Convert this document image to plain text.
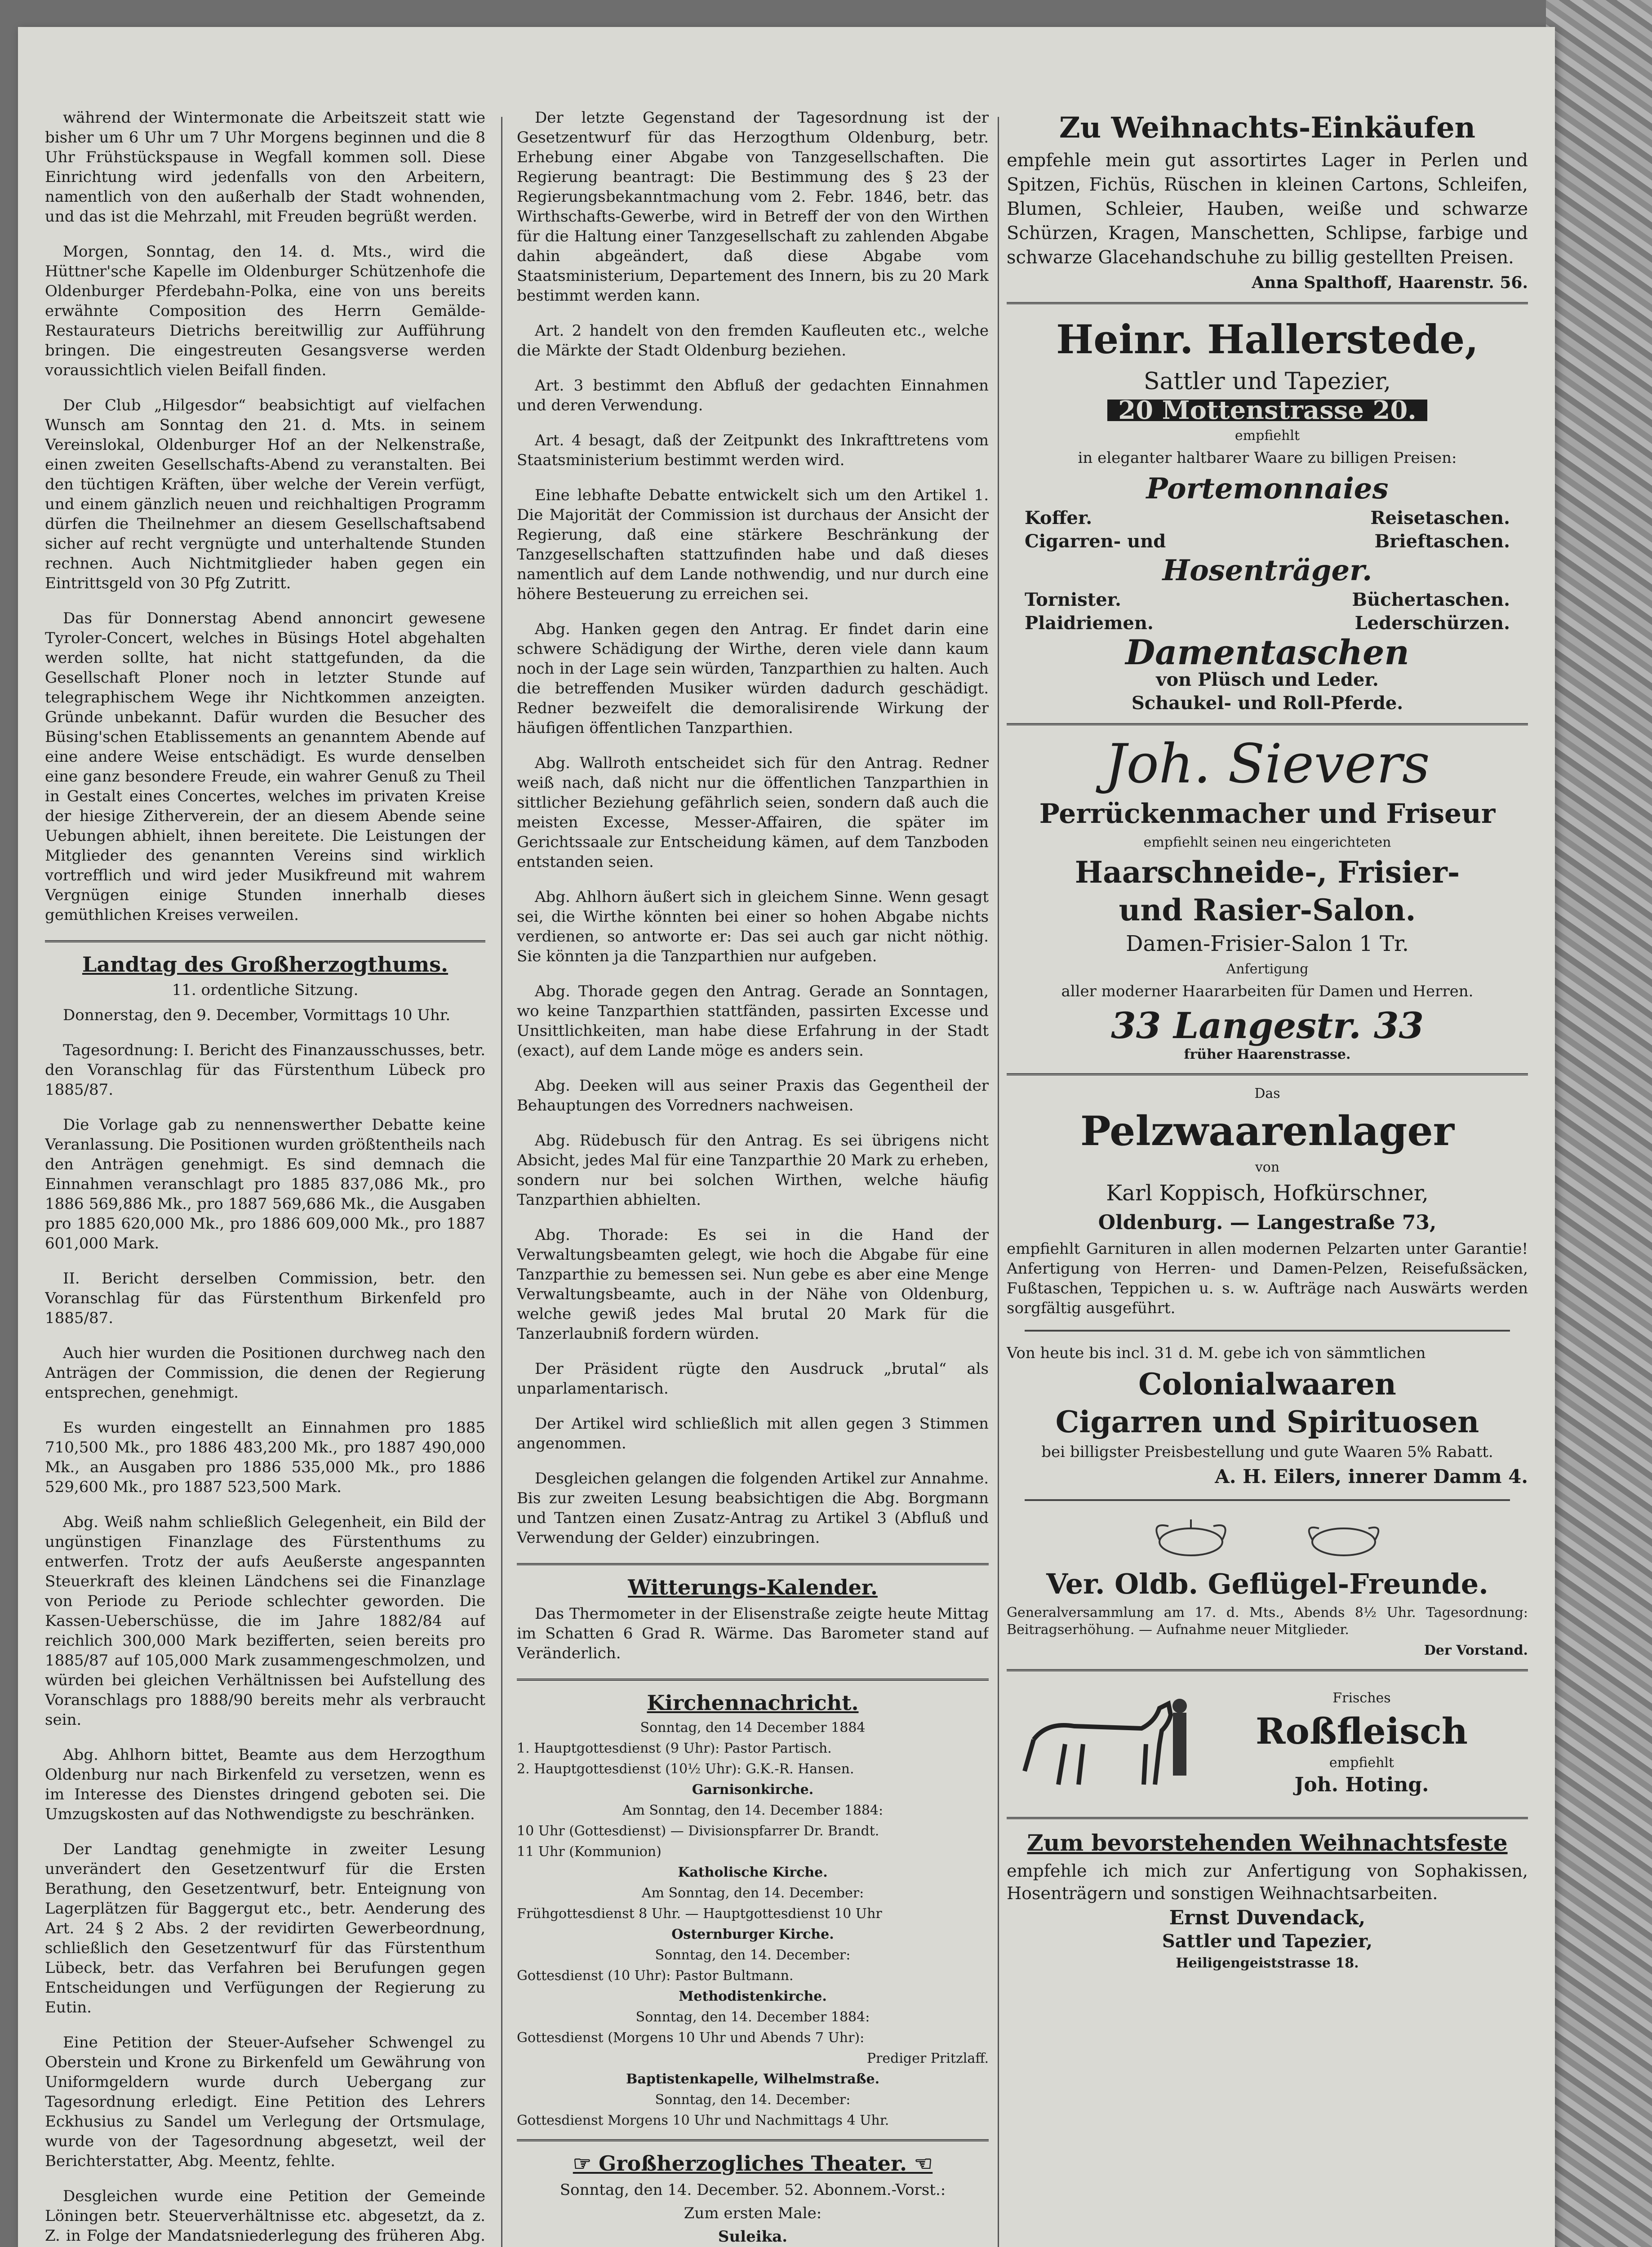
während der Wintermonate die Arbeitszeit statt wie bisher um 6 Uhr um 7 Uhr Morgens beginnen und die 8 Uhr Frühstückspause in Wegfall kommen soll. Diese Einrichtung wird jedenfalls von den Arbeitern, namentlich von den außerhalb der Stadt wohnenden, und das ist die Mehrzahl, mit Freuden begrüßt werden.

Morgen, Sonntag, den 14. d. Mts., wird die Hüttner'sche Kapelle im Oldenburger Schützenhofe die Oldenburger Pferdebahn-Polka, eine von uns bereits erwähnte Composition des Herrn Gemälde-Restaurateurs Dietrichs bereitwillig zur Aufführung bringen. Die eingestreuten Gesangsverse werden voraussichtlich vielen Beifall finden.

Der Club „Hilgesdor“ beabsichtigt auf vielfachen Wunsch am Sonntag den 21. d. Mts. in seinem Vereinslokal, Oldenburger Hof an der Nelkenstraße, einen zweiten Gesellschafts-Abend zu veranstalten. Bei den tüchtigen Kräften, über welche der Verein verfügt, und einem gänzlich neuen und reichhaltigen Programm dürfen die Theilnehmer an diesem Gesellschaftsabend sicher auf recht vergnügte und unterhaltende Stunden rechnen. Auch Nichtmitglieder haben gegen ein Eintrittsgeld von 30 Pfg Zutritt.

Das für Donnerstag Abend annoncirt gewesene Tyroler-Concert, welches in Büsings Hotel abgehalten werden sollte, hat nicht stattgefunden, da die Gesellschaft Ploner noch in letzter Stunde auf telegraphischem Wege ihr Nichtkommen anzeigten. Gründe unbekannt. Dafür wurden die Besucher des Büsing'schen Etablissements an genanntem Abende auf eine andere Weise entschädigt. Es wurde denselben eine ganz besondere Freude, ein wahrer Genuß zu Theil in Gestalt eines Concertes, welches im privaten Kreise der hiesige Zitherverein, der an diesem Abende seine Uebungen abhielt, ihnen bereitete. Die Leistungen der Mitglieder des genannten Vereins sind wirklich vortrefflich und wird jeder Musikfreund mit wahrem Vergnügen einige Stunden innerhalb dieses gemüthlichen Kreises verweilen.

Landtag des Großherzogthums.
11. ordentliche Sitzung.

Donnerstag, den 9. December, Vormittags 10 Uhr.

Tagesordnung: I. Bericht des Finanzausschusses, betr. den Voranschlag für das Fürstenthum Lübeck pro 1885/87.

Die Vorlage gab zu nennenswerther Debatte keine Veranlassung. Die Positionen wurden größtentheils nach den Anträgen genehmigt. Es sind demnach die Einnahmen veranschlagt pro 1885 837,086 Mk., pro 1886 569,886 Mk., pro 1887 569,686 Mk., die Ausgaben pro 1885 620,000 Mk., pro 1886 609,000 Mk., pro 1887 601,000 Mark.

II. Bericht derselben Commission, betr. den Voranschlag für das Fürstenthum Birkenfeld pro 1885/87.

Auch hier wurden die Positionen durchweg nach den Anträgen der Commission, die denen der Regierung entsprechen, genehmigt.

Es wurden eingestellt an Einnahmen pro 1885 710,500 Mk., pro 1886 483,200 Mk., pro 1887 490,000 Mk., an Ausgaben pro 1886 535,000 Mk., pro 1886 529,600 Mk., pro 1887 523,500 Mark.

Abg. Weiß nahm schließlich Gelegenheit, ein Bild der ungünstigen Finanzlage des Fürstenthums zu entwerfen. Trotz der aufs Aeußerste angespannten Steuerkraft des kleinen Ländchens sei die Finanzlage von Periode zu Periode schlechter geworden. Die Kassen-Ueberschüsse, die im Jahre 1882/84 auf reichlich 300,000 Mark bezifferten, seien bereits pro 1885/87 auf 105,000 Mark zusammengeschmolzen, und würden bei gleichen Verhältnissen bei Aufstellung des Voranschlags pro 1888/90 bereits mehr als verbraucht sein.

Abg. Ahlhorn bittet, Beamte aus dem Herzogthum Oldenburg nur nach Birkenfeld zu versetzen, wenn es im Interesse des Dienstes dringend geboten sei. Die Umzugskosten auf das Nothwendigste zu beschränken.

Der Landtag genehmigte in zweiter Lesung unverändert den Gesetzentwurf für die Ersten Berathung, den Gesetzentwurf, betr. Enteignung von Lagerplätzen für Baggergut etc., betr. Aenderung des Art. 24 § 2 Abs. 2 der revidirten Gewerbeordnung, schließlich den Gesetzentwurf für das Fürstenthum Lübeck, betr. das Verfahren bei Berufungen gegen Entscheidungen und Verfügungen der Regierung zu Eutin.

Eine Petition der Steuer-Aufseher Schwengel zu Oberstein und Krone zu Birkenfeld um Gewährung von Uniformgeldern wurde durch Uebergang zur Tagesordnung erledigt. Eine Petition des Lehrers Eckhusius zu Sandel um Verlegung der Ortsmulage, wurde von der Tagesordnung abgesetzt, weil der Berichterstatter, Abg. Meentz, fehlte.

Desgleichen wurde eine Petition der Gemeinde Löningen betr. Steuerverhältnisse etc. abgesetzt, da z. Z. in Folge der Mandatsniederlegung des früheren Abg.

Der letzte Gegenstand der Tagesordnung ist der Gesetzentwurf für das Herzogthum Oldenburg, betr. Erhebung einer Abgabe von Tanzgesellschaften. Die Regierung beantragt: Die Bestimmung des § 23 der Regierungsbekanntmachung vom 2. Febr. 1846, betr. das Wirthschafts-Gewerbe, wird in Betreff der von den Wirthen für die Haltung einer Tanzgesellschaft zu zahlenden Abgabe dahin abgeändert, daß diese Abgabe vom Staatsministerium, Departement des Innern, bis zu 20 Mark bestimmt werden kann.

Art. 2 handelt von den fremden Kaufleuten etc., welche die Märkte der Stadt Oldenburg beziehen.

Art. 3 bestimmt den Abfluß der gedachten Einnahmen und deren Verwendung.

Art. 4 besagt, daß der Zeitpunkt des Inkrafttretens vom Staatsministerium bestimmt werden wird.

Eine lebhafte Debatte entwickelt sich um den Artikel 1. Die Majorität der Commission ist durchaus der Ansicht der Regierung, daß eine stärkere Beschränkung der Tanzgesellschaften stattzufinden habe und daß dieses namentlich auf dem Lande nothwendig, und nur durch eine höhere Besteuerung zu erreichen sei.

Abg. Hanken gegen den Antrag. Er findet darin eine schwere Schädigung der Wirthe, deren viele dann kaum noch in der Lage sein würden, Tanzparthien zu halten. Auch die betreffenden Musiker würden dadurch geschädigt. Redner bezweifelt die demoralisirende Wirkung der häufigen öffentlichen Tanzparthien.

Abg. Wallroth entscheidet sich für den Antrag. Redner weiß nach, daß nicht nur die öffentlichen Tanzparthien in sittlicher Beziehung gefährlich seien, sondern daß auch die meisten Excesse, Messer-Affairen, die später im Gerichtssaale zur Entscheidung kämen, auf dem Tanzboden entstanden seien.

Abg. Ahlhorn äußert sich in gleichem Sinne. Wenn gesagt sei, die Wirthe könnten bei einer so hohen Abgabe nichts verdienen, so antworte er: Das sei auch gar nicht nöthig. Sie könnten ja die Tanzparthien nur aufgeben.

Abg. Thorade gegen den Antrag. Gerade an Sonntagen, wo keine Tanzparthien stattfänden, passirten Excesse und Unsittlichkeiten, man habe diese Erfahrung in der Stadt (exact), auf dem Lande möge es anders sein.

Abg. Deeken will aus seiner Praxis das Gegentheil der Behauptungen des Vorredners nachweisen.

Abg. Rüdebusch für den Antrag. Es sei übrigens nicht Absicht, jedes Mal für eine Tanzparthie 20 Mark zu erheben, sondern nur bei solchen Wirthen, welche häufig Tanzparthien abhielten.

Abg. Thorade: Es sei in die Hand der Verwaltungsbeamten gelegt, wie hoch die Abgabe für eine Tanzparthie zu bemessen sei. Nun gebe es aber eine Menge Verwaltungsbeamte, auch in der Nähe von Oldenburg, welche gewiß jedes Mal brutal 20 Mark für die Tanzerlaubniß fordern würden.

Der Präsident rügte den Ausdruck „brutal“ als unparlamentarisch.

Der Artikel wird schließlich mit allen gegen 3 Stimmen angenommen.

Desgleichen gelangen die folgenden Artikel zur Annahme. Bis zur zweiten Lesung beabsichtigen die Abg. Borgmann und Tantzen einen Zusatz-Antrag zu Artikel 3 (Abfluß und Verwendung der Gelder) einzubringen.

Witterungs-Kalender.

Das Thermometer in der Elisenstraße zeigte heute Mittag im Schatten 6 Grad R. Wärme. Das Barometer stand auf Veränderlich.

Kirchennachricht.
Sonntag, den 14 December 1884
1. Hauptgottesdienst (9 Uhr): Pastor Partisch.
2. Hauptgottesdienst (10½ Uhr): G.K.-R. Hansen.
Garnisonkirche.
Am Sonntag, den 14. December 1884:
10 Uhr (Gottesdienst) — Divisionspfarrer Dr. Brandt.
11 Uhr (Kommunion)
Katholische Kirche.
Am Sonntag, den 14. December:
Frühgottesdienst 8 Uhr. — Hauptgottesdienst 10 Uhr
Osternburger Kirche.
Sonntag, den 14. December:
Gottesdienst (10 Uhr): Pastor Bultmann.
Methodistenkirche.
Sonntag, den 14. December 1884:
Gottesdienst (Morgens 10 Uhr und Abends 7 Uhr):
Prediger Pritzlaff.
Baptistenkapelle, Wilhelmstraße.
Sonntag, den 14. December:
Gottesdienst Morgens 10 Uhr und Nachmittags 4 Uhr.
☞ Großherzogliches Theater. ☜
Sonntag, den 14. December. 52. Abonnem.-Vorst.:
Zum ersten Male:
Suleika.
Zu Weihnachts-Einkäufen
empfehle mein gut assortirtes Lager in Perlen und Spitzen, Fichüs, Rüschen in kleinen Cartons, Schleifen, Blumen, Schleier, Hauben, weiße und schwarze Schürzen, Kragen, Manschetten, Schlipse, farbige und schwarze Glacehandschuhe zu billig gestellten Preisen.
Anna Spalthoff, Haarenstr. 56.
Heinr. Hallerstede,
Sattler und Tapezier,
20 Mottenstrasse 20.
empfiehlt
in eleganter haltbarer Waare zu billigen Preisen:
Portemonnaies
Koffer.	Reisetaschen.
Cigarren- und	Brieftaschen.
Hosenträger.
Tornister.	Büchertaschen.
Plaidriemen.	Lederschürzen.
Damentaschen
von Plüsch und Leder.
Schaukel- und Roll-Pferde.
Joh. Sievers
Perrückenmacher und Friseur
empfiehlt seinen neu eingerichteten
Haarschneide-, Frisier-
und Rasier-Salon.
Damen-Frisier-Salon 1 Tr.
Anfertigung
aller moderner Haararbeiten für Damen und Herren.
33 Langestr. 33
früher Haarenstrasse.
Das
Pelzwaarenlager
von
Karl Koppisch, Hofkürschner,
Oldenburg. — Langestraße 73,
empfiehlt Garnituren in allen modernen Pelzarten unter Garantie! Anfertigung von Herren- und Damen-Pelzen, Reisefußsäcken, Fußtaschen, Teppichen u. s. w. Aufträge nach Auswärts werden sorgfältig ausgeführt.
Von heute bis incl. 31 d. M. gebe ich von sämmtlichen
Colonialwaaren
Cigarren und Spirituosen
bei billigster Preisbestellung und gute Waaren 5% Rabatt.
A. H. Eilers, innerer Damm 4.
Ver. Oldb. Geflügel-Freunde.
Generalversammlung am 17. d. Mts., Abends 8½ Uhr. Tagesordnung: Beitragserhöhung. — Aufnahme neuer Mitglieder.
Der Vorstand.
Frisches
Roßfleisch
empfiehlt
Joh. Hoting.
Zum bevorstehenden Weihnachtsfeste
empfehle ich mich zur Anfertigung von Sophakissen, Hosenträgern und sonstigen Weihnachtsarbeiten.
Ernst Duvendack,
Sattler und Tapezier,
Heiligengeiststrasse 18.
